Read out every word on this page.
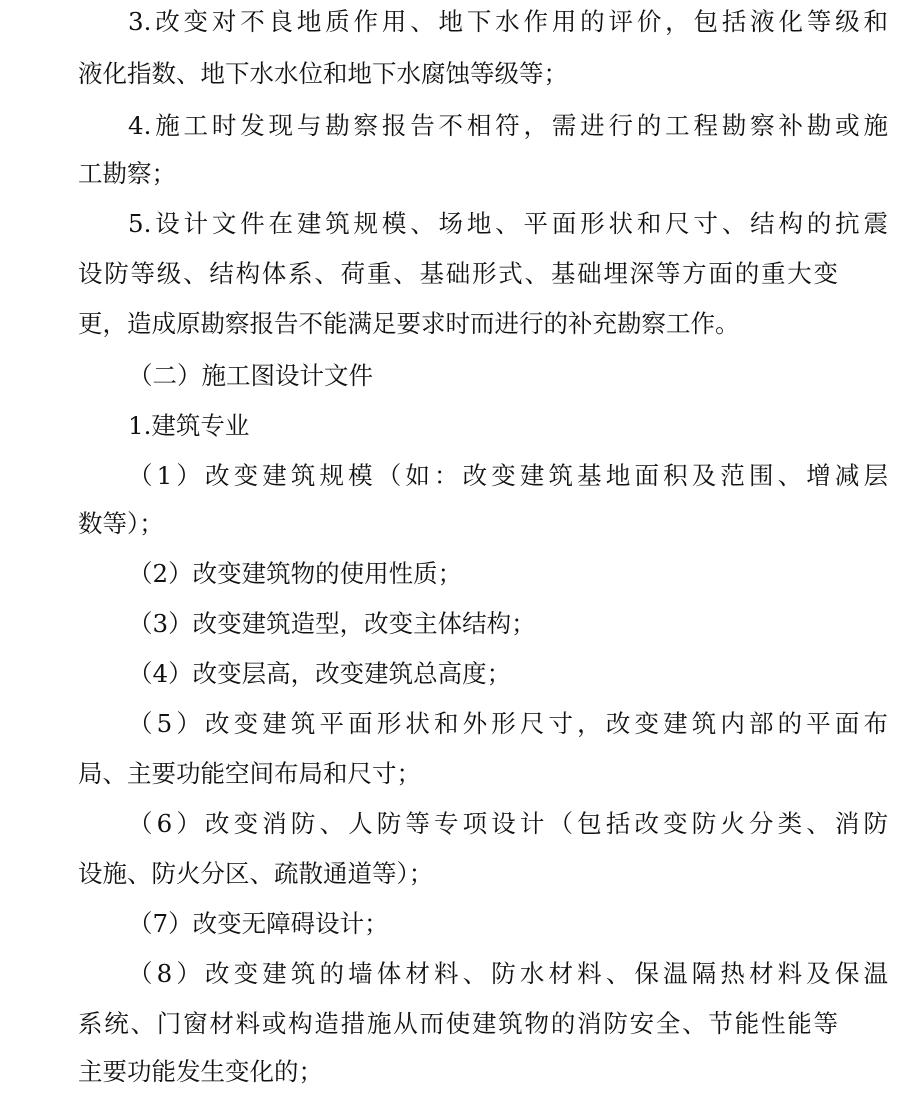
3.改变对不良地质作用、地下水作用的评价，包括液化等级和
液化指数、地下水水位和地下水腐蚀等级等；
4.施工时发现与勘察报告不相符，需进行的工程勘察补勘或施
工勘察；
5.设计文件在建筑规模、场地、平面形状和尺寸、结构的抗震
设防等级、结构体系、荷重、基础形式、基础埋深等方面的重大变
更，造成原勘察报告不能满足要求时而进行的补充勘察工作。
（二）施工图设计文件
1.建筑专业
（1）改变建筑规模（如：改变建筑基地面积及范围、增减层
数等）；
（2）改变建筑物的使用性质；
（3）改变建筑造型，改变主体结构；
（4）改变层高，改变建筑总高度；
（5）改变建筑平面形状和外形尺寸，改变建筑内部的平面布
局、主要功能空间布局和尺寸；
（6）改变消防、人防等专项设计（包括改变防火分类、消防
设施、防火分区、疏散通道等）；
（7）改变无障碍设计；
（8）改变建筑的墙体材料、防水材料、保温隔热材料及保温
系统、门窗材料或构造措施从而使建筑物的消防安全、节能性能等
主要功能发生变化的；
